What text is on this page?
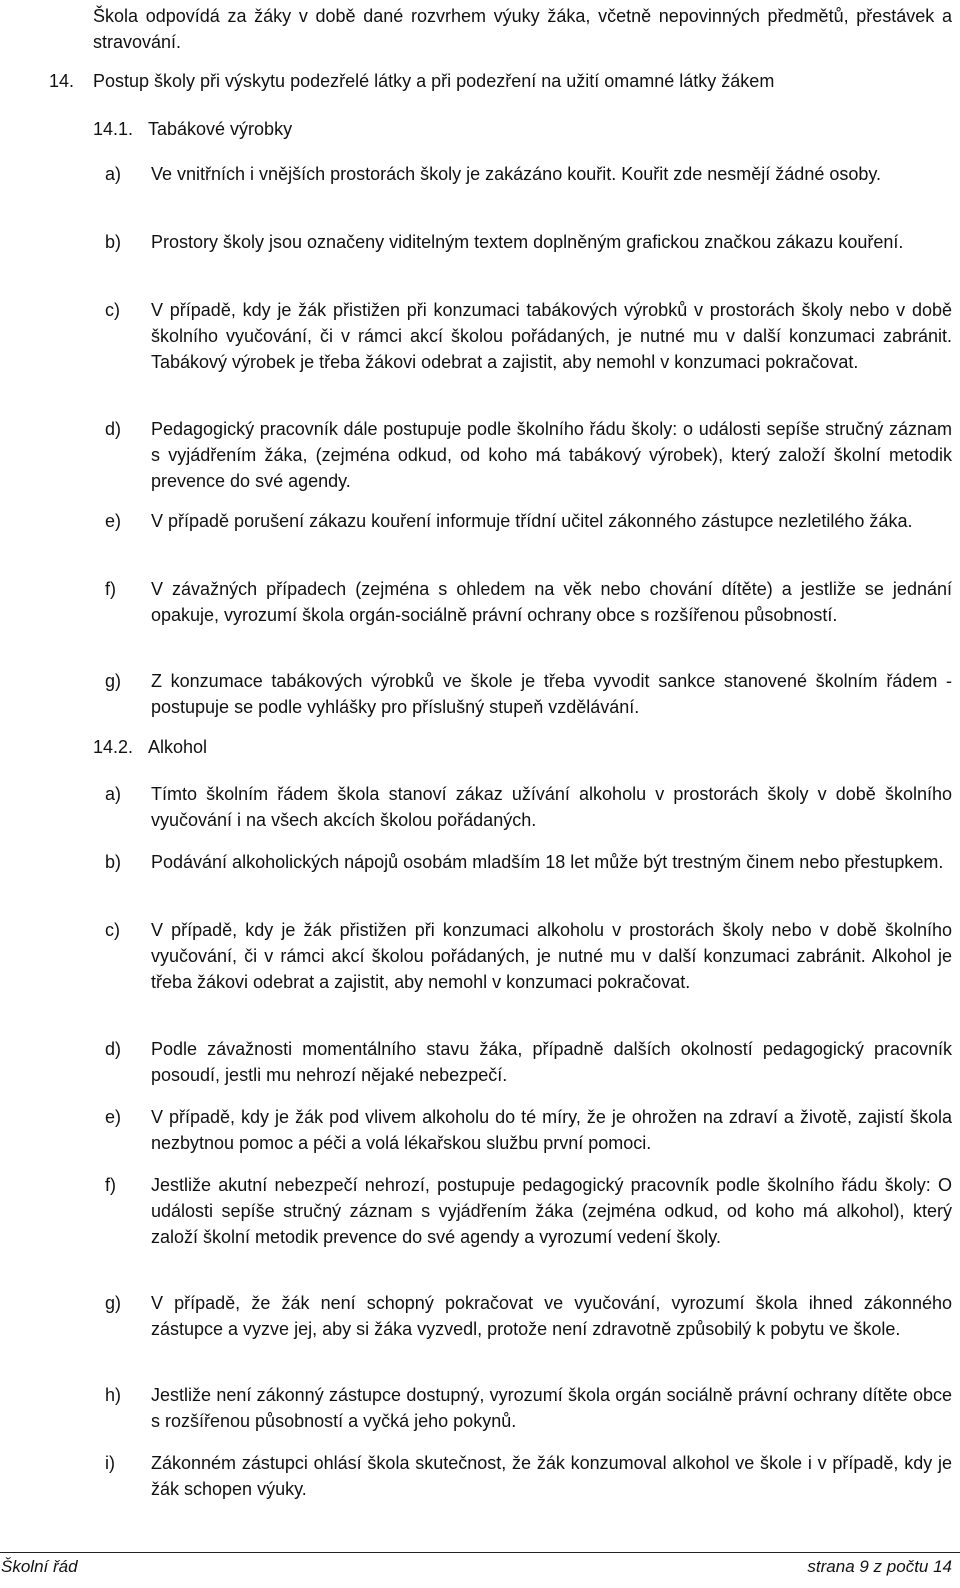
Škola odpovídá za žáky v době dané rozvrhem výuky žáka, včetně nepovinných předmětů, přestávek a stravování.

14. Postup školy při výskytu podezřelé látky a při podezření na užití omamné látky žákem
14.1. Tabákové výrobky
a) Ve vnitřních i vnějších prostorách školy je zakázáno kouřit. Kouřit zde nesmějí žádné osoby.

b) Prostory školy jsou označeny viditelným textem doplněným grafickou značkou zákazu kouření.

c) V případě, kdy je žák přistižen při konzumaci tabákových výrobků v prostorách školy nebo v době školního vyučování, či v rámci akcí školou pořádaných, je nutné mu v další konzumaci zabránit. Tabákový výrobek je třeba žákovi odebrat a zajistit, aby nemohl v konzumaci pokračovat.

d) Pedagogický pracovník dále postupuje podle školního řádu školy: o události sepíše stručný záznam s vyjádřením žáka, (zejména odkud, od koho má tabákový výrobek), který založí školní metodik prevence do své agendy.

e) V případě porušení zákazu kouření informuje třídní učitel zákonného zástupce nezletilého žáka.

f) V závažných případech (zejména s ohledem na věk nebo chování dítěte) a jestliže se jednání opakuje, vyrozumí škola orgán-sociálně právní ochrany obce s rozšířenou působností.

g) Z konzumace tabákových výrobků ve škole je třeba vyvodit sankce stanovené školním řádem - postupuje se podle vyhlášky pro příslušný stupeň vzdělávání.

14.2. Alkohol
a) Tímto školním řádem škola stanoví zákaz užívání alkoholu v prostorách školy v době školního vyučování i na všech akcích školou pořádaných.

b) Podávání alkoholických nápojů osobám mladším 18 let může být trestným činem nebo přestupkem.

c) V případě, kdy je žák přistižen při konzumaci alkoholu v prostorách školy nebo v době školního vyučování, či v rámci akcí školou pořádaných, je nutné mu v další konzumaci zabránit. Alkohol je třeba žákovi odebrat a zajistit, aby nemohl v konzumaci pokračovat.

d) Podle závažnosti momentálního stavu žáka, případně dalších okolností pedagogický pracovník posoudí, jestli mu nehrozí nějaké nebezpečí.

e) V případě, kdy je žák pod vlivem alkoholu do té míry, že je ohrožen na zdraví a životě, zajistí škola nezbytnou pomoc a péči a volá lékařskou službu první pomoci.

f) Jestliže akutní nebezpečí nehrozí, postupuje pedagogický pracovník podle školního řádu školy: O události sepíše stručný záznam s vyjádřením žáka (zejména odkud, od koho má alkohol), který založí školní metodik prevence do své agendy a vyrozumí vedení školy.

g) V případě, že žák není schopný pokračovat ve vyučování, vyrozumí škola ihned zákonného zástupce a vyzve jej, aby si žáka vyzvedl, protože není zdravotně způsobilý k pobytu ve škole.

h) Jestliže není zákonný zástupce dostupný, vyrozumí škola orgán sociálně právní ochrany dítěte obce s rozšířenou působností a vyčká jeho pokynů.

i) Zákonném zástupci ohlásí škola skutečnost, že žák konzumoval alkohol ve škole i v případě, kdy je žák schopen výuky.

Školní řád	strana 9 z počtu 14
